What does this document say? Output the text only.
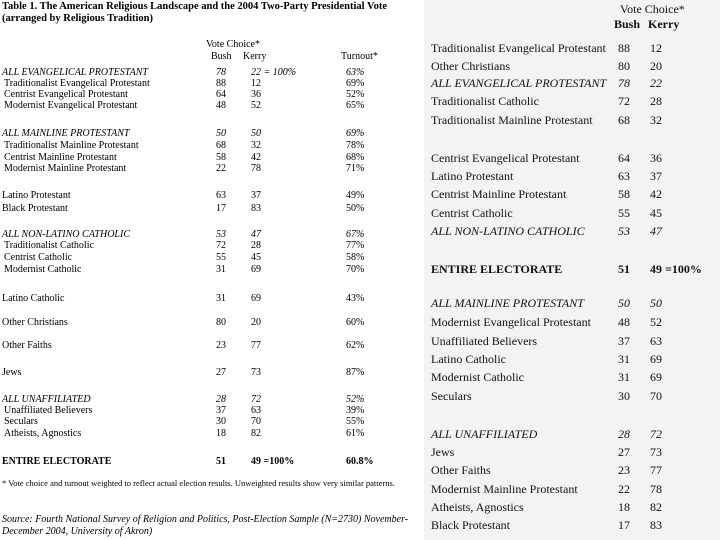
Table 1. The American Religious Landscape and the 2004 Two-Party Presidential Vote (arranged by Religious Tradition)
Vote Choice*
Bush Kerry	Turnout*
ALL EVANGELICAL PROTESTANT	78	22 = 100%	63%
Traditionalist Evangelical Protestant	88	12	69%
Centrist Evangelical Protestant	64	36	52%
Modernist Evangelical Protestant	48	52	65%
ALL MAINLINE PROTESTANT	50	50	69%
Traditionalist Mainline Protestant	68	32	78%
Centrist Mainline Protestant	58	42	68%
Modernist Mainline Protestant	22	78	71%
Latino Protestant	63	37	49%
Black Protestant	17	83	50%
ALL NON-LATINO CATHOLIC	53	47	67%
Traditionalist Catholic	72	28	77%
Centrist Catholic	55	45	58%
Modernist Catholic	31	69	70%
Latino Catholic	31	69	43%
Other Christians	80	20	60%
Other Faiths	23	77	62%
Jews	27	73	87%
ALL UNAFFILIATED	28	72	52%
Unaffiliated Believers	37	63	39%
Seculars	30	70	55%
Atheists, Agnostics	18	82	61%
ENTIRE ELECTORATE	51	49 =100%	60.8%
* Vote choice and turnout weighted to reflect actual election results. Unweighted results show very similar patterns.
Source: Fourth National Survey of Religion and Politics, Post-Election Sample (N=2730) November-December 2004, University of Akron)
Vote Choice*
Bush Kerry
Traditionalist Evangelical Protestant 88 12
Other Christians	80 20
ALL EVANGELICAL PROTESTANT 78 22
Traditionalist Catholic	72 28
Traditionalist Mainline Protestant 68 32
Centrist Evangelical Protestant	64 36
Latino Protestant	63 37
Centrist Mainline Protestant	58 42
Centrist Catholic	55 45
ALL NON-LATINO CATHOLIC	53 47
ENTIRE ELECTORATE	51 49 =100%
ALL MAINLINE PROTESTANT	50 50
Modernist Evangelical Protestant 48 52
Unaffiliated Believers	37 63
Latino Catholic	31 69
Modernist Catholic	31 69
Seculars	30 70
ALL UNAFFILIATED	28 72
Jews	27 73
Other Faiths	23 77
Modernist Mainline Protestant	22 78
Atheists, Agnostics	18 82
Black Protestant	17 83
